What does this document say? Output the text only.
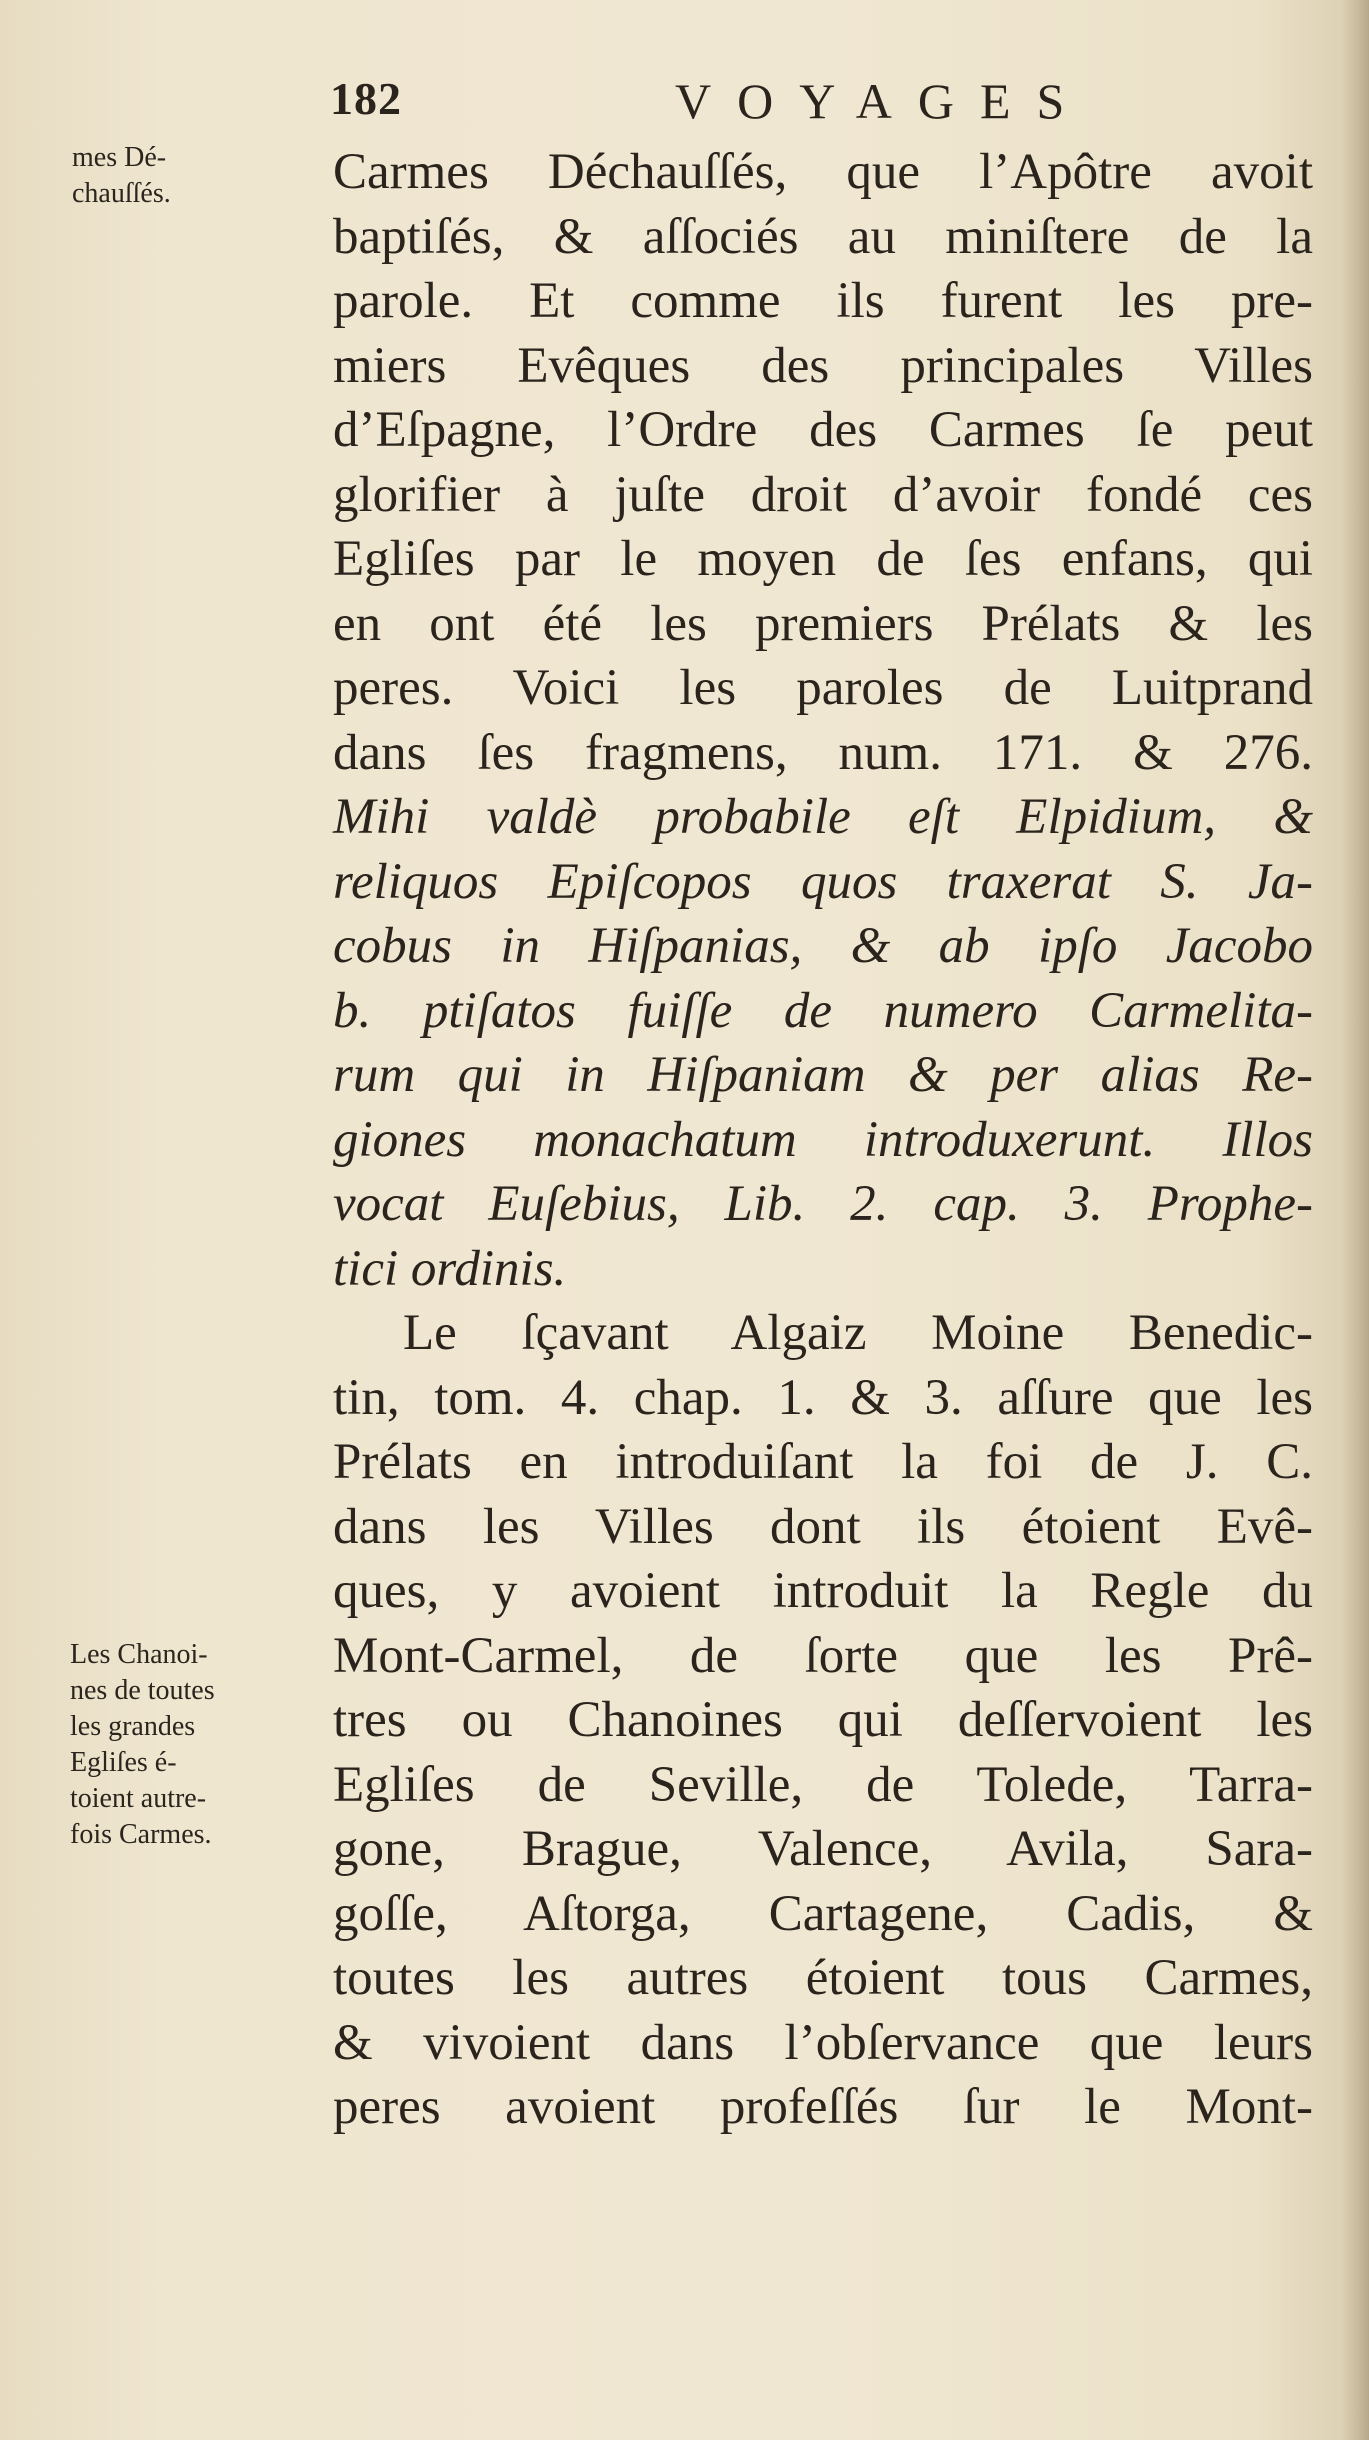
182	VOYAGES
mes Dé-
chauſſés.
Les Chanoi-
nes de toutes
les grandes
Egliſes é-
toient autre-
fois Carmes.
Carmes Déchauſſés, que l’Apôtre avoit
baptiſés, & aſſociés au miniſtere de la
parole. Et comme ils furent les pre-
miers Evêques des principales Villes
d’Eſpagne, l’Ordre des Carmes ſe peut
glorifier à juſte droit d’avoir fondé ces
Egliſes par le moyen de ſes enfans, qui
en ont été les premiers Prélats & les
peres. Voici les paroles de Luitprand
dans ſes fragmens, num. 171. & 276.
Mihi valdè probabile eſt Elpidium, &
reliquos Epiſcopos quos traxerat S. Ja-
cobus in Hiſpanias, & ab ipſo Jacobo
b. ptiſatos fuiſſe de numero Carmelita-
rum qui in Hiſpaniam & per alias Re-
giones monachatum introduxerunt. Illos
vocat Euſebius, Lib. 2. cap. 3. Prophe-
tici ordinis.
Le ſçavant Algaiz Moine Benedic-
tin, tom. 4. chap. 1. & 3. aſſure que les
Prélats en introduiſant la foi de J. C.
dans les Villes dont ils étoient Evê-
ques, y avoient introduit la Regle du
Mont-Carmel, de ſorte que les Prê-
tres ou Chanoines qui deſſervoient les
Egliſes de Seville, de Tolede, Tarra-
gone, Brague, Valence, Avila, Sara-
goſſe, Aſtorga, Cartagene, Cadis, &
toutes les autres étoient tous Carmes,
& vivoient dans l’obſervance que leurs
peres avoient profeſſés ſur le Mont-
